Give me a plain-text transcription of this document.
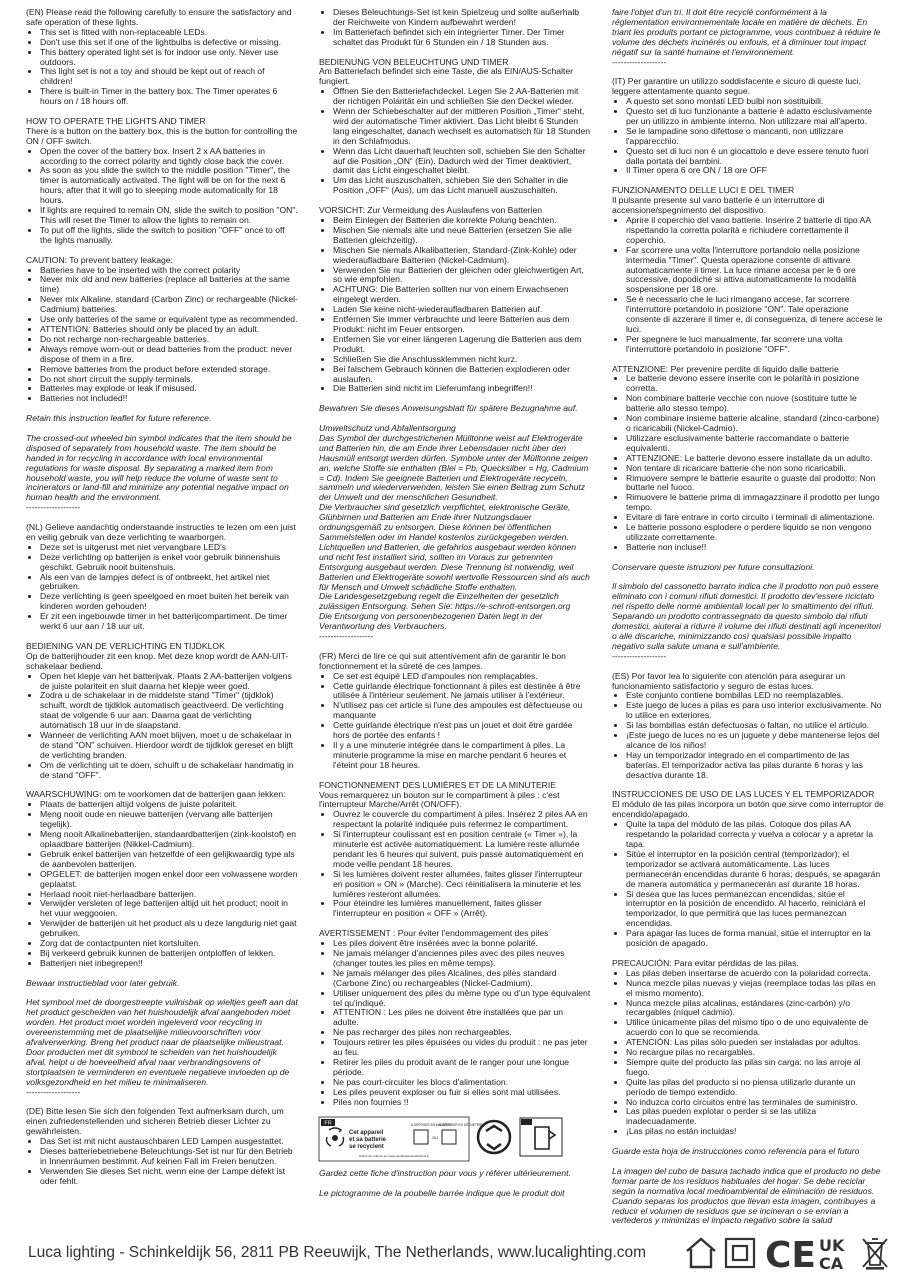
(EN) Please read the following carefully to ensure the satisfactory and safe operation of these lights.
• This set is fitted with non-replaceable LEDs.
• Don't use this set if one of the lightbulbs is defective or missing.
• This battery operated light set is for indoor use only. Never use outdoors.
• This light set is not a toy and should be kept out of reach of children!
• There is built-in Timer in the battery box. The Timer operates 6 hours on / 18 hours off.
HOW TO OPERATE THE LIGHTS AND TIMER
There is a button on the battery box, this is the button for controlling the ON / OFF switch.
• Open the cover of the battery box. Insert 2 x AA batteries in according to the correct polarity and tightly close back the cover.
• As soon as you slide the switch to the middle position "Timer", the timer is automatically activated. The light will be on for the next 6 hours, after that it will go to sleeping mode automatically for 18 hours.
• If lights are required to remain ON, slide the switch to position "ON". This will reset the Timer to allow the lights to remain on.
• To put off the lights, slide the switch to position "OFF" once to off the lights manually.
CAUTION: To prevent battery leakage:
• Batteries have to be inserted with the correct polarity
• Never mix old and new batteries (replace all batteries at the same time)
• Never mix Alkaline, standard (Carbon Zinc) or rechargeable (Nickel-Cadmium) batteries.
• Use only batteries of the same or equivalent type as recommended.
• ATTENTION: Batteries should only be placed by an adult.
• Do not recharge non-rechargeable batteries.
• Always remove worn-out or dead batteries from the product: never dispose of them in a fire.
• Remove batteries from the product before extended storage.
• Do not short circuit the supply terminals.
• Batteries may explode or leak if misused.
• Batteries not included!!

Retain this instruction leaflet for future reference.

The crossed-out wheeled bin symbol indicates that the item should be disposed of separately from household waste. The item should be handed in for recycling in accordance with local environmental regulations for waste disposal. By separating a marked item from household waste, you will help reduce the volume of waste sent to incinerators or land-fill and minimize any potential negative impact on human health and the environment.

-------------------
(NL) Gelieve aandachtig onderstaande instructies te lezen om een juist en veilig gebruik van deze verlichting te waarborgen.
• Deze set is uitgerust met niet vervangbare LED's
• Deze verlichting op batterijen is enkel voor gebruik binnenshuis geschikt. Gebruik nooit buitenshuis.
• Als een van de lampjes defect is of ontbreekt, het artikel niet gebruiken.
• Deze verlichting is geen speelgoed en moet buiten het bereik van kinderen worden gehouden!
• Er zit een ingebouwde timer in het batterijcompartiment. De timer werkt 6 uur aan / 18 uur uit.
BEDIENING VAN DE VERLICHTING EN TIJDKLOK
Op de batterijhouder zit een knop. Met deze knop wordt de AAN-UIT-schakelaar bediend.
• Open het klepje van het batterijvak. Plaats 2 AA-batterijen volgens de juiste polariteit en sluit daarna het klepje weer goed.
• Zodra u de schakelaar in de middelste stand "Timer" (tijdklok) schuift, wordt de tijdklok automatisch geactiveerd. De verlichting staat de volgende 6 uur aan. Daarna gaat de verlichting automatisch 18 uur in de slaapstand.
• Wanneer de verlichting AAN moet blijven, moet u de schakelaar in de stand "ON" schuiven. Hierdoor wordt de tijdklok gereset en blijft de verlichting branden.
• Om de verlichting uit te doen, schuift u de schakelaar handmatig in de stand "OFF".
WAARSCHUWING: om te voorkomen dat de batterijen gaan lekken:
• Plaats de batterijen altijd volgens de juiste polariteit.
• Meng nooit oude en nieuwe batterijen (vervang alle batterijen tegelijk).
• Meng nooit Alkalinebatterijen, standaardbatterijen (zink-koolstof) en oplaadbare batterijen (Nikkel-Cadmium).
• Gebruik enkel batterijen van hetzelfde of een gelijkwaardig type als de aanbevolen batterijen.
• OPGELET: de batterijen mogen enkel door een volwassene worden geplaatst.
• Herlaad nooit niet-herlaadbare batterijen.
• Verwijder versleten of lege batterijen altijd uit het product; nooit in het vuur weggooien.
• Verwijder de batterijen uit het product als u deze langdurig niet gaat gebruiken.
• Zorg dat de contactpunten niet kortsluiten.
• Bij verkeerd gebruik kunnen de batterijen ontploffen of lekken.
• Batterijen niet inbegrepen!!

Bewaar instructieblad voor later gebruik.

Het symbool met de doorgestreepte vuilnisbak op wieltjes geeft aan dat het product gescheiden van het huishoudelijk afval aangeboden moet worden. Het product moet worden ingeleverd voor recycling in overeenstemming met de plaatselijke milieuvoorschriften voor afvalverwerking. Breng het product naar de plaatselijke milieustraat. Door producten met dit symbool te scheiden van het huishoudelijk afval, helpt u de hoeveelheid afval naar verbrandingsovens of stortplaatsen te verminderen en eventuele negatieve invloeden op de volksgezondheid en het milieu te minimaliseren.

-------------------
(DE) Bitte lesen Sie sich den folgenden Text aufmerksam durch, um einen zufriedenstellenden und sicheren Betrieb dieser Lichter zu gewährleisten.
• Das Set ist mit nicht austauschbaren LED Lampen ausgestattet.
• Dieses batteriebetriebene Beleuchtungs-Set ist nur für den Betrieb in Innenräumen bestimmt. Auf keinen Fall im Freien benutzen.
• Verwenden Sie dieses Set nicht, wenn eine der Lampe defekt ist oder fehlt.
• Dieses Beleuchtungs-Set ist kein Spielzeug und sollte außerhalb der Reichweite von Kindern aufbewahrt werden!
• Im Batteriefach befindet sich ein integrierter Timer. Der Timer schaltet das Produkt für 6 Stunden ein / 18 Stunden aus.
BEDIENUNG VON BELEUCHTUNG UND TIMER
Am Batteriefach befindet sich eine Taste, die als EIN/AUS-Schalter fungiert.
• Öffnen Sie den Batteriefachdeckel. Legen Sie 2 AA-Batterien mit der richtigen Polarität ein und schließen Sie den Deckel wieder.
• Wenn der Schiebeschalter auf der mittleren Position „Timer“ steht, wird der automatische Timer aktiviert. Das Licht bleibt 6 Stunden lang eingeschaltet, danach wechselt es automatisch für 18 Stunden in den Schlafmodus.
• Wenn das Licht dauerhaft leuchten soll, schieben Sie den Schalter auf die Position „ON“ (Ein). Dadurch wird der Timer deaktiviert, damit das Licht eingeschaltet bleibt.
• Um das Licht auszuschalten, schieben Sie den Schalter in die Position „OFF“ (Aus), um das Licht manuell auszuschalten.
VORSICHT: Zur Vermeidung des Auslaufens von Batterien
• Beim Einlegen der Batterien die korrekte Polung beachten.
• Mischen Sie niemals alte und neue Batterien (ersetzen Sie alle Batterien gleichzeitig).
• Mischen Sie niemals Alkalibatterien, Standard-(Zink-Kohle) oder wiederaufladbare Batterien (Nickel-Cadmium).
• Verwenden Sie nur Batterien der gleichen oder gleichwertigen Art, so wie empfohlen.
• ACHTUNG: Die Batterien sollten nur von einem Erwachsenen eingelegt werden.
• Laden Sie keine nicht-wiederaufladbaren Batterien auf.
• Entfernen Sie immer verbrauchte und leere Batterien aus dem Produkt: nicht im Feuer entsorgen.
• Entfernen Sie vor einer längeren Lagerung die Batterien aus dem Produkt.
• Schließen Sie die Anschlussklemmen nicht kurz.
• Bei falschem Gebrauch können die Batterien explodieren oder auslaufen.
• Die Batterien sind nicht im Lieferumfang inbegriffen!!

Bewahren Sie dieses Anweisungsblatt für spätere Bezugnahme auf.

Umweltschutz und Abfallentsorgung
Das Symbol der durchgestrichenen Mülltonne weist auf Elektrogeräte und Batterien hin, die am Ende ihrer Lebensdauer nicht über den Hausmüll entsorgt werden dürfen. Symbole unter der Mülltonne zeigen an, welche Stoffe sie enthalten (Blei = Pb, Quecksilber = Hg, Cadmium = Cd). Indem Sie geeignete Batterien und Elektrogeräte recyceln, sammeln und wiederverwenden, leisten Sie einen Beitrag zum Schutz der Umwelt und der menschlichen Gesundheit.
Die Verbraucher sind gesetzlich verpflichtet, elektronische Geräte, Glühbirnen und Batterien am Ende ihrer Nutzungsdauer ordnungsgemäß zu entsorgen. Diese können bei öffentlichen Sammelstellen oder im Handel kostenlos zurückgegeben werden. Lichtquellen und Batterien, die gefahrlos ausgebaut werden können und nicht fest installiert sind, sollten im Voraus zur getrennten Entsorgung ausgebaut werden. Diese Trennung ist notwendig, weil Batterien und Elektrogeräte sowohl wertvolle Ressourcen sind als auch für Mensch und Umwelt schädliche Stoffe enthalten.
Die Landesgesetzgebung regelt die Einzelheiten der gesetzlich zulässigen Entsorgung. Sehen Sie: https://e-schrott-entsorgen.org
Die Entsorgung von personenbezogenen Daten liegt in der Verantwortung des Verbrauchers.

-------------------
(FR) Merci de lire ce qui suit attentivement afin de garantir le bon fonctionnement et la sûreté de ces lampes.
• Ce set est équipé LED d'ampoules non remplaçables.
• Cette guirlande électrique fonctionnant à piles est destinée à être utilisée à l'intérieur seulement. Ne jamais utiliser à l'extérieur.
• N'utilisez pas cet article si l'une des ampoules est défectueuse ou manquante
• Cette guirlande électrique n'est pas un jouet et doit être gardée hors de portée des enfants !
• Il y a une minuterie intégrée dans le compartiment à piles. La minuterie programme la mise en marche pendant 6 heures et l'éteint pour 18 heures.
FONCTIONNEMENT DES LUMIÈRES ET DE LA MINUTERIE
Vous remarquerez un bouton sur le compartiment à piles : c'est l'interrupteur Marche/Arrêt (ON/OFF).
• Ouvrez le couvercle du compartiment à piles. Insérez 2 piles AA en respectant la polarité indiquée puis refermez le compartiment.
• Si l'interrupteur coulissant est en position centrale (« Timer »), la minuterie est activée automatiquement. La lumière reste allumée pendant les 6 heures qui suivent, puis passe automatiquement en mode veille pendant 18 heures.
• Si les lumières doivent rester allumées, faites glisser l'interrupteur en position « ON » (Marche). Ceci réinitialisera la minuterie et les lumières resteront allumées.
• Pour éteindre les lumières manuellement, faites glisser l'interrupteur en position « OFF » (Arrêt).
AVERTISSEMENT : Pour éviter l'endommagement des piles
• Les piles doivent être insérées avec la bonne polarité.
• Ne jamais mélanger d'anciennes piles avec des piles neuves (changer toutes les piles en même temps).
• Ne jamais mélanger des piles Alcalines, des piles standard (Carbone Zinc) ou rechargeables (Nickel-Cadmium).
• Utiliser uniquement des piles du même type ou d'un type équivalent tel qu'indiqué.
• ATTENTION : Les piles ne doivent être installées que par un adulte.
• Ne pas recharger des piles non rechargeables.
• Toujours retirer les piles épuisées ou vides du produit : ne pas jeter au feu.
• Retirer les piles du produit avant de le ranger pour une longue période.
• Ne pas court-circuiter les blocs d'alimentation.
• Les piles peuvent exploser ou fuir si elles sont mal utilisées.
• Piles non fournies !!
FR
Cet appareil
et sa batterie
se recyclent
À DÉPOSER EN MAGASIN
À DÉPOSER EN DÉCHÈTERIE
OU
Points de collecte sur www.quefairedemesdechets.fr

Gardez cette fiche d'instruction pour vous y référer ultérieurement.

Le pictogramme de la poubelle barrée indique que le produit doit

faire l'objet d'un tri. Il doit être recyclé conformément à la réglementation environnementale locale en matière de déchets. En triant les produits portant ce pictogramme, vous contribuez à réduire le volume des déchets incinérés ou enfouis, et à diminuer tout impact négatif sur la santé humaine et l'environnement.

-------------------
(IT) Per garantire un utilizzo soddisfacente e sicuro di queste luci, leggere attentamente quanto segue.
• A questo set sono montati LED bulbi non sostituibili.
• Questo set di luci funzionante a batterie è adatto esclusivamente per un utilizzo in ambiente interno. Non utilizzare mai all'aperto.
• Se le lampadine sono difettose o mancanti, non utilizzare l'apparecchio.
• Questo set di luci non è un giocattolo e deve essere tenuto fuori dalla portata dei bambini.
• Il Timer opera 6 ore ON / 18 ore OFF
FUNZIONAMENTO DELLE LUCI E DEL TIMER
Il pulsante presente sul vano batterie è un interruttore di accensione/spegnimento del dispositivo.
• Aprire il coperchio del vano batterie. Inserire 2 batterie di tipo AA rispettando la corretta polarità e richiudere correttamente il coperchio.
• Far scorrere una volta l'interruttore portandolo nella posizione intermedia "Timer". Questa operazione consente di attivare automaticamente il timer. La luce rimane accesa per le 6 ore successive, dopodiché si attiva automaticamente la modalità sospensione per 18 ore.
• Se è necessario che le luci rimangano accese, far scorrere l'interruttore portandolo in posizione "ON". Tale operazione consente di azzerare il timer e, di conseguenza, di tenere accese le luci.
• Per spegnere le luci manualmente, far scorrere una volta l'interruttore portandolo in posizione "OFF".
ATTENZIONE: Per prevenire perdite di liquido dalle batterie
• Le batterie devono essere inserite con le polarità in posizione corretta.
• Non combinare batterie vecchie con nuove (sostituire tutte le batterie allo stesso tempo).
• Non combinare insieme batterie alcaline, standard (zinco-carbone) o ricaricabili (Nickel-Cadmio).
• Utilizzare esclusivamente batterie raccomandate o batterie equivalenti.
• ATTENZIONE: Le batterie devono essere installate da un adulto.
• Non tentare di ricaricare batterie che non sono ricaricabili.
• Rimuovere sempre le batterie esaurite o guaste dal prodotto: Non buttarle nel fuoco.
• Rimuovere le batterie prima di immagazzinare il prodotto per lungo tempo.
• Evitare di fare entrare in corto circuito i terminali di alimentazione.
• Le batterie possono esplodere o perdere liquido se non vengono utilizzate correttamente.
• Batterie non incluse!!

Conservare queste istruzioni per future consultazioni.

Il simbolo del cassonetto barrato indica che il prodotto non può essere eliminato con i comuni rifiuti domestici. Il prodotto dev'essere riciclato nel rispetto delle norme ambientali locali per lo smaltimento dei rifiuti. Separando un prodotto contrassegnato da questo simbolo dai rifiuti domestici, aiuterai a ridurre il volume dei rifiuti destinati agli inceneritori o alle discariche, minimizzando così qualsiasi possibile impatto negativo sulla salute umana e sull'ambiente.

-------------------
(ES) Por favor lea lo siguiente con atención para asegurar un funcionamiento satisfactorio y seguro de estas luces.
• Este conjunto contiene bombillas LED no reemplazables.
• Este juego de luces a pilas es para uso interior exclusivamente. No lo utilice en exteriores.
• Si las bombillas están defectuosas o faltan, no utilice el artículo.
• ¡Este juego de luces no es un juguete y debe mantenerse lejos del alcance de los niños!
• Hay un temporizador integrado en el compartimento de las baterías. El temporizador activa las pilas durante 6 horas y las desactiva durante 18.
INSTRUCCIONES DE USO DE LAS LUCES Y EL TEMPORIZADOR
El módulo de las pilas incorpora un botón que sirve como interruptor de encendido/apagado.
• Quite la tapa del módulo de las pilas. Coloque dos pilas AA respetando la polaridad correcta y vuelva a colocar y a apretar la tapa.
• Sitúe el interruptor en la posición central (temporizador); el temporizador se activará automáticamente. Las luces permanecerán encendidas durante 6 horas; después, se apagarán de manera automática y permanecerán así durante 18 horas.
• Si desea que las luces permanezcan encendidas, sitúe el interruptor en la posición de encendido. Al hacerlo, reiniciará el temporizador, lo que permitirá que las luces permanezcan encendidas.
• Para apagar las luces de forma manual, sitúe el interruptor en la posición de apagado.
PRECAUCIÓN: Para evitar pérdidas de las pilas.
• Las pilas deben insertarse de acuerdo con la polaridad correcta.
• Nunca mezcle pilas nuevas y viejas (reemplace todas las pilas en el mismo momento).
• Nunca mezcle pilas alcalinas, estándares (zinc-carbón) y/o recargables (níquel cadmio).
• Utilice únicamente pilas del mismo tipo o de uno equivalente de acuerdo con lo que se recomienda.
• ATENCIÓN: Las pilas sólo pueden ser instaladas por adultos.
• No recargue pilas no recargables.
• Siempre quite del producto las pilas sin carga: no las arroje al fuego.
• Quite las pilas del producto si no piensa utilizarlo durante un período de tiempo extendido.
• No induzca corto circuitos entre las terminales de suministro.
• Las pilas pueden explotar o perder si se las utiliza inadecuadamente.
• ¡Las pilas no están incluidas!

Guarde esta hoja de instrucciones como referencia para el futuro

La imagen del cubo de basura tachado indica que el producto no debe formar parte de los residuos habituales del hogar. Se debe reciclar según la normativa local medioambiental de eliminación de residuos. Cuando separas los productos que llevan esta imagen, contribuyes a reducir el volumen de residuos que se incineran o se envían a vertederos y minimizas el impacto negativo sobre la salud

Luca lighting - Schinkeldijk 56, 2811 PB Reeuwijk, The Netherlands, www.lucalighting.com	CE UK
CA
